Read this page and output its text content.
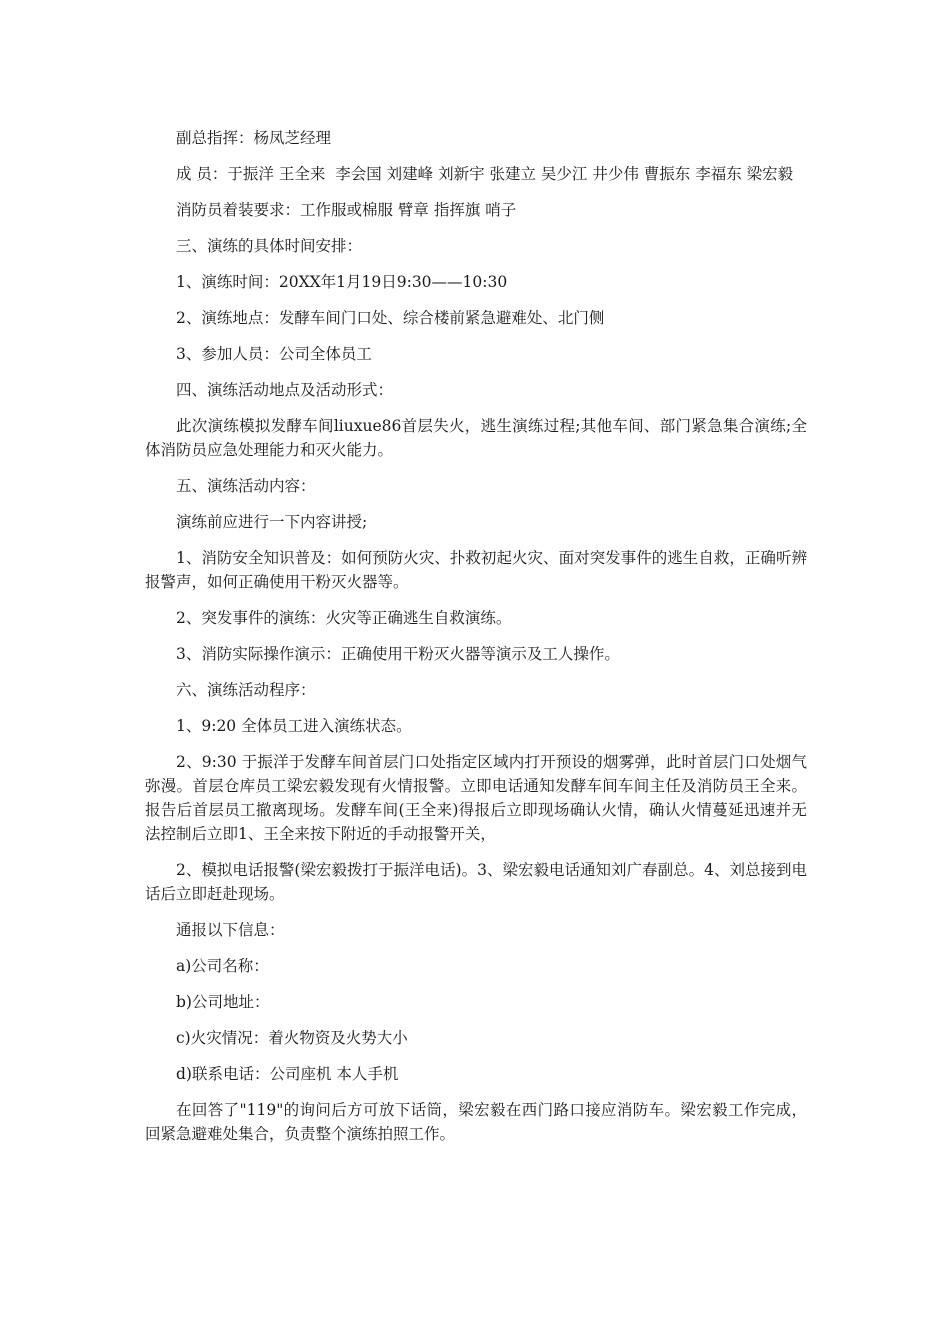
副总指挥：杨凤芝经理

成 员：于振洋 王全来  李会国 刘建峰 刘新宇 张建立 吴少江 井少伟 曹振东 李福东 梁宏毅

消防员着装要求：工作服或棉服 臂章 指挥旗 哨子

三、演练的具体时间安排：

1、演练时间：20XX年1月19日9:30——10:30

2、演练地点：发酵车间门口处、综合楼前紧急避难处、北门侧

3、参加人员：公司全体员工

四、演练活动地点及活动形式：

此次演练模拟发酵车间liuxue86首层失火，逃生演练过程;其他车间、部门紧急集合演练;全体消防员应急处理能力和灭火能力。

五、演练活动内容：

演练前应进行一下内容讲授;

1、消防安全知识普及：如何预防火灾、扑救初起火灾、面对突发事件的逃生自救，正确听辨报警声，如何正确使用干粉灭火器等。

2、突发事件的演练：火灾等正确逃生自救演练。

3、消防实际操作演示：正确使用干粉灭火器等演示及工人操作。

六、演练活动程序：

1、9:20 全体员工进入演练状态。

2、9:30 于振洋于发酵车间首层门口处指定区域内打开预设的烟雾弹，此时首层门口处烟气弥漫。首层仓库员工梁宏毅发现有火情报警。立即电话通知发酵车间车间主任及消防员王全来。报告后首层员工撤离现场。发酵车间(王全来)得报后立即现场确认火情，确认火情蔓延迅速并无法控制后立即1、王全来按下附近的手动报警开关，

2、模拟电话报警(梁宏毅拨打于振洋电话)。3、梁宏毅电话通知刘广春副总。4、刘总接到电话后立即赶赴现场。

通报以下信息：

a)公司名称：

b)公司地址：

c)火灾情况：着火物资及火势大小

d)联系电话：公司座机 本人手机

在回答了"119"的询问后方可放下话筒，梁宏毅在西门路口接应消防车。梁宏毅工作完成，回紧急避难处集合，负责整个演练拍照工作。
